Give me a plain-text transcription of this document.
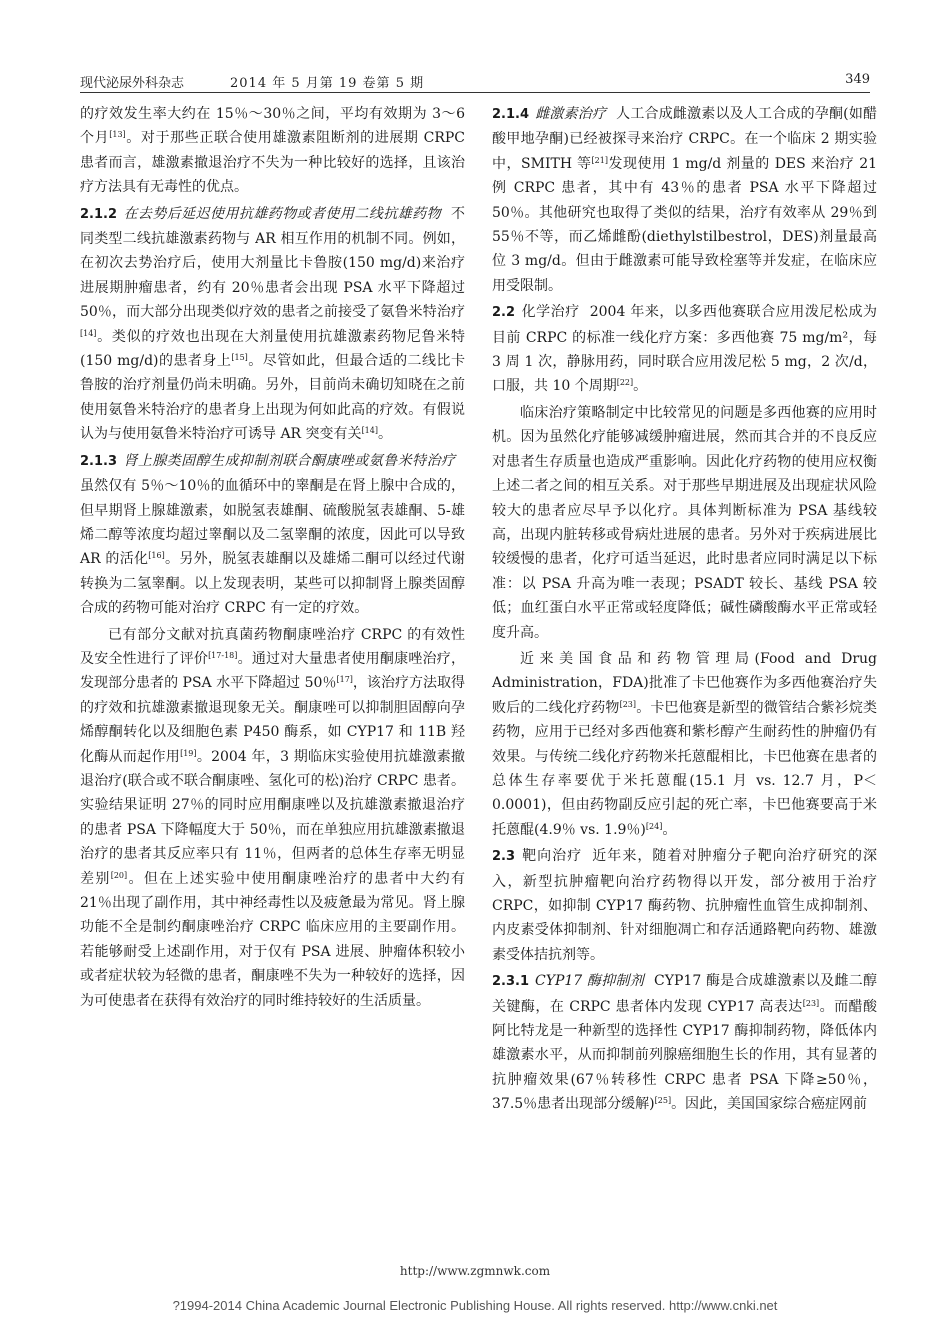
现代泌尿外科杂志	2014 年 5 月第 19 卷第 5 期	349

的疗效发生率大约在 15％～30％之间，平均有效期为 3～6 个月[13]。对于那些正联合使用雄激素阻断剂的进展期 CRPC 患者而言，雄激素撤退治疗不失为一种比较好的选择，且该治疗方法具有无毒性的优点。

2.1.2 在去势后延迟使用抗雄药物或者使用二线抗雄药物 不同类型二线抗雄激素药物与 AR 相互作用的机制不同。例如，在初次去势治疗后，使用大剂量比卡鲁胺(150 mg/d)来治疗进展期肿瘤患者，约有 20％患者会出现 PSA 水平下降超过 50％，而大部分出现类似疗效的患者之前接受了氨鲁米特治疗[14]。类似的疗效也出现在大剂量使用抗雄激素药物尼鲁米特(150 mg/d)的患者身上[15]。尽管如此，但最合适的二线比卡鲁胺的治疗剂量仍尚未明确。另外，目前尚未确切知晓在之前使用氨鲁米特治疗的患者身上出现为何如此高的疗效。有假说认为与使用氨鲁米特治疗可诱导 AR 突变有关[14]。

2.1.3 肾上腺类固醇生成抑制剂联合酮康唑或氨鲁米特治疗虽然仅有 5％～10％的血循环中的睾酮是在肾上腺中合成的，但早期肾上腺雄激素，如脱氢表雄酮、硫酸脱氢表雄酮、5-雄烯二醇等浓度均超过睾酮以及二氢睾酮的浓度，因此可以导致 AR 的活化[16]。另外，脱氢表雄酮以及雄烯二酮可以经过代谢转换为二氢睾酮。以上发现表明，某些可以抑制肾上腺类固醇合成的药物可能对治疗 CRPC 有一定的疗效。

已有部分文献对抗真菌药物酮康唑治疗 CRPC 的有效性及安全性进行了评价[17-18]。通过对大量患者使用酮康唑治疗，发现部分患者的 PSA 水平下降超过 50％[17]，该治疗方法取得的疗效和抗雄激素撤退现象无关。酮康唑可以抑制胆固醇向孕烯醇酮转化以及细胞色素 P450 酶系，如 CYP17 和 11B 羟化酶从而起作用[19]。2004 年，3 期临床实验使用抗雄激素撤退治疗(联合或不联合酮康唑、氢化可的松)治疗 CRPC 患者。实验结果证明 27％的同时应用酮康唑以及抗雄激素撤退治疗的患者 PSA 下降幅度大于 50％，而在单独应用抗雄激素撤退治疗的患者其反应率只有 11％，但两者的总体生存率无明显差别[20]。但在上述实验中使用酮康唑治疗的患者中大约有 21％出现了副作用，其中神经毒性以及疲惫最为常见。肾上腺功能不全是制约酮康唑治疗 CRPC 临床应用的主要副作用。若能够耐受上述副作用，对于仅有 PSA 进展、肿瘤体积较小或者症状较为轻微的患者，酮康唑不失为一种较好的选择，因为可使患者在获得有效治疗的同时维持较好的生活质量。

2.1.4 雌激素治疗 人工合成雌激素以及人工合成的孕酮(如醋酸甲地孕酮)已经被探寻来治疗 CRPC。在一个临床 2 期实验中，SMITH 等[21]发现使用 1 mg/d 剂量的 DES 来治疗 21 例 CRPC 患者，其中有 43％的患者 PSA 水平下降超过 50％。其他研究也取得了类似的结果，治疗有效率从 29％到 55％不等，而乙烯雌酚(diethylstilbestrol，DES)剂量最高位 3 mg/d。但由于雌激素可能导致栓塞等并发症，在临床应用受限制。

2.2 化学治疗 2004 年来，以多西他赛联合应用泼尼松成为目前 CRPC 的标准一线化疗方案：多西他赛 75 mg/m²，每 3 周 1 次，静脉用药，同时联合应用泼尼松 5 mg，2 次/d，口服，共 10 个周期[22]。

临床治疗策略制定中比较常见的问题是多西他赛的应用时机。因为虽然化疗能够减缓肿瘤进展，然而其合并的不良反应对患者生存质量也造成严重影响。因此化疗药物的使用应权衡上述二者之间的相互关系。对于那些早期进展及出现症状风险较大的患者应尽早予以化疗。具体判断标准为 PSA 基线较高，出现内脏转移或骨病灶进展的患者。另外对于疾病进展比较缓慢的患者，化疗可适当延迟，此时患者应同时满足以下标准：以 PSA 升高为唯一表现；PSADT 较长、基线 PSA 较低；血红蛋白水平正常或轻度降低；碱性磷酸酶水平正常或轻度升高。

近来美国食品和药物管理局(Food and Drug Administration，FDA)批准了卡巴他赛作为多西他赛治疗失败后的二线化疗药物[23]。卡巴他赛是新型的微管结合紫衫烷类药物，应用于已经对多西他赛和紫杉醇产生耐药性的肿瘤仍有效果。与传统二线化疗药物米托蒽醌相比，卡巴他赛在患者的总体生存率要优于米托蒽醌(15.1 月 vs. 12.7 月，P＜0.0001)，但由药物副反应引起的死亡率，卡巴他赛要高于米托蒽醌(4.9％ vs. 1.9％)[24]。

2.3 靶向治疗 近年来，随着对肿瘤分子靶向治疗研究的深入，新型抗肿瘤靶向治疗药物得以开发，部分被用于治疗 CRPC，如抑制 CYP17 酶药物、抗肿瘤性血管生成抑制剂、内皮素受体抑制剂、针对细胞凋亡和存活通路靶向药物、雄激素受体拮抗剂等。

2.3.1 CYP17 酶抑制剂 CYP17 酶是合成雄激素以及雌二醇关键酶，在 CRPC 患者体内发现 CYP17 高表达[23]。而醋酸阿比特龙是一种新型的选择性 CYP17 酶抑制药物，降低体内雄激素水平，从而抑制前列腺癌细胞生长的作用，其有显著的抗肿瘤效果(67％转移性 CRPC 患者 PSA 下降≥50％，37.5％患者出现部分缓解)[25]。因此，美国国家综合癌症网前

http://www.zgmnwk.com
?1994-2014 China Academic Journal Electronic Publishing House. All rights reserved. http://www.cnki.net
